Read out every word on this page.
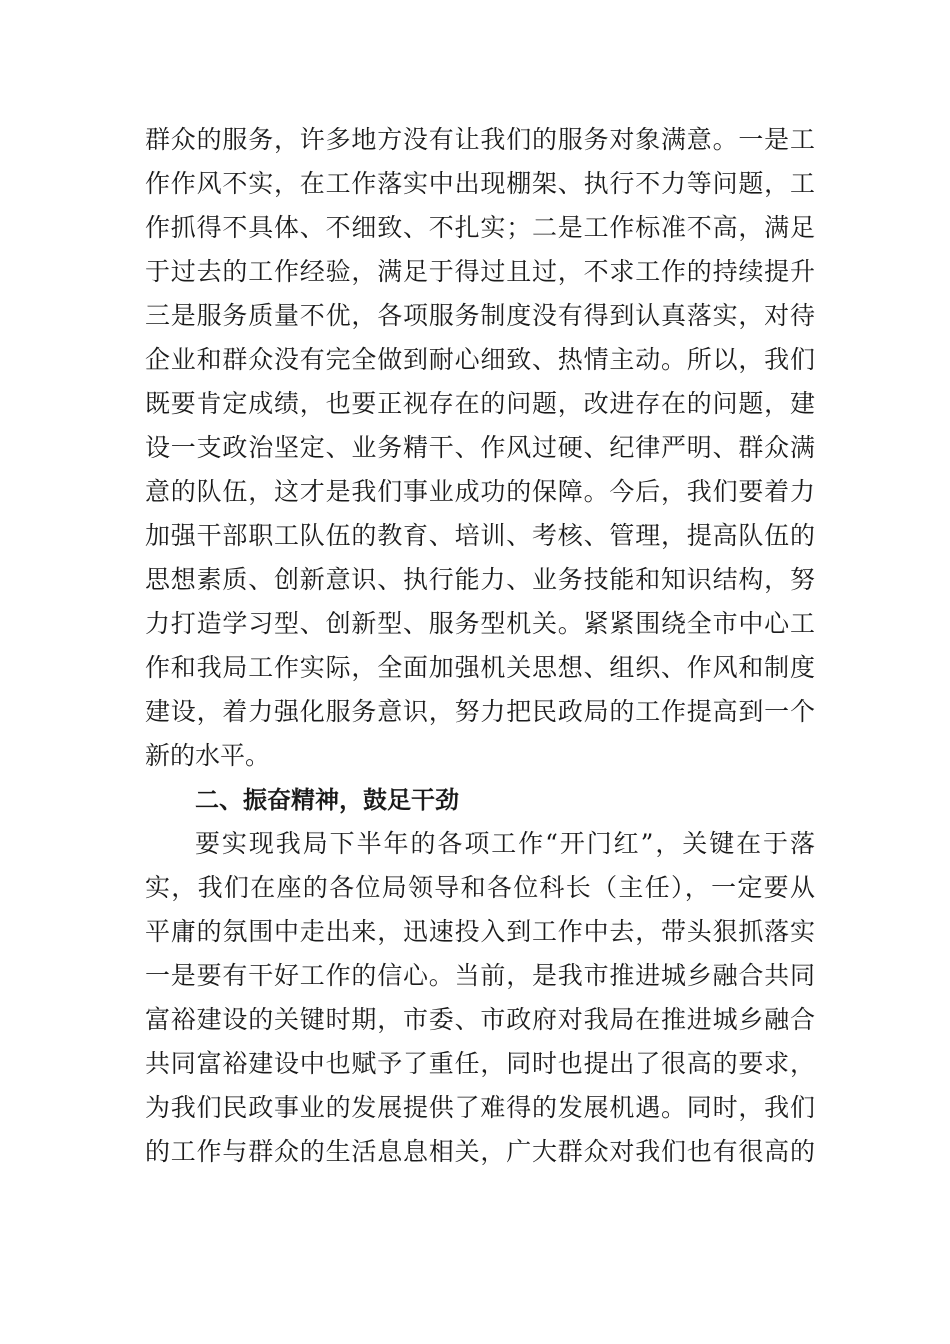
群众的服务，许多地方没有让我们的服务对象满意。一是工
作作风不实，在工作落实中出现棚架、执行不力等问题，工
作抓得不具体、不细致、不扎实；二是工作标准不高，满足
于过去的工作经验，满足于得过且过，不求工作的持续提升
三是服务质量不优，各项服务制度没有得到认真落实，对待
企业和群众没有完全做到耐心细致、热情主动。所以，我们
既要肯定成绩，也要正视存在的问题，改进存在的问题，建
设一支政治坚定、业务精干、作风过硬、纪律严明、群众满
意的队伍，这才是我们事业成功的保障。今后，我们要着力
加强干部职工队伍的教育、培训、考核、管理，提高队伍的
思想素质、创新意识、执行能力、业务技能和知识结构，努
力打造学习型、创新型、服务型机关。紧紧围绕全市中心工
作和我局工作实际，全面加强机关思想、组织、作风和制度
建设，着力强化服务意识，努力把民政局的工作提高到一个
新的水平。
二、振奋精神，鼓足干劲
要实现我局下半年的各项工作“开门红”，关键在于落
实，我们在座的各位局领导和各位科长（主任），一定要从
平庸的氛围中走出来，迅速投入到工作中去，带头狠抓落实
一是要有干好工作的信心。当前，是我市推进城乡融合共同
富裕建设的关键时期，市委、市政府对我局在推进城乡融合
共同富裕建设中也赋予了重任，同时也提出了很高的要求，
为我们民政事业的发展提供了难得的发展机遇。同时，我们
的工作与群众的生活息息相关，广大群众对我们也有很高的
